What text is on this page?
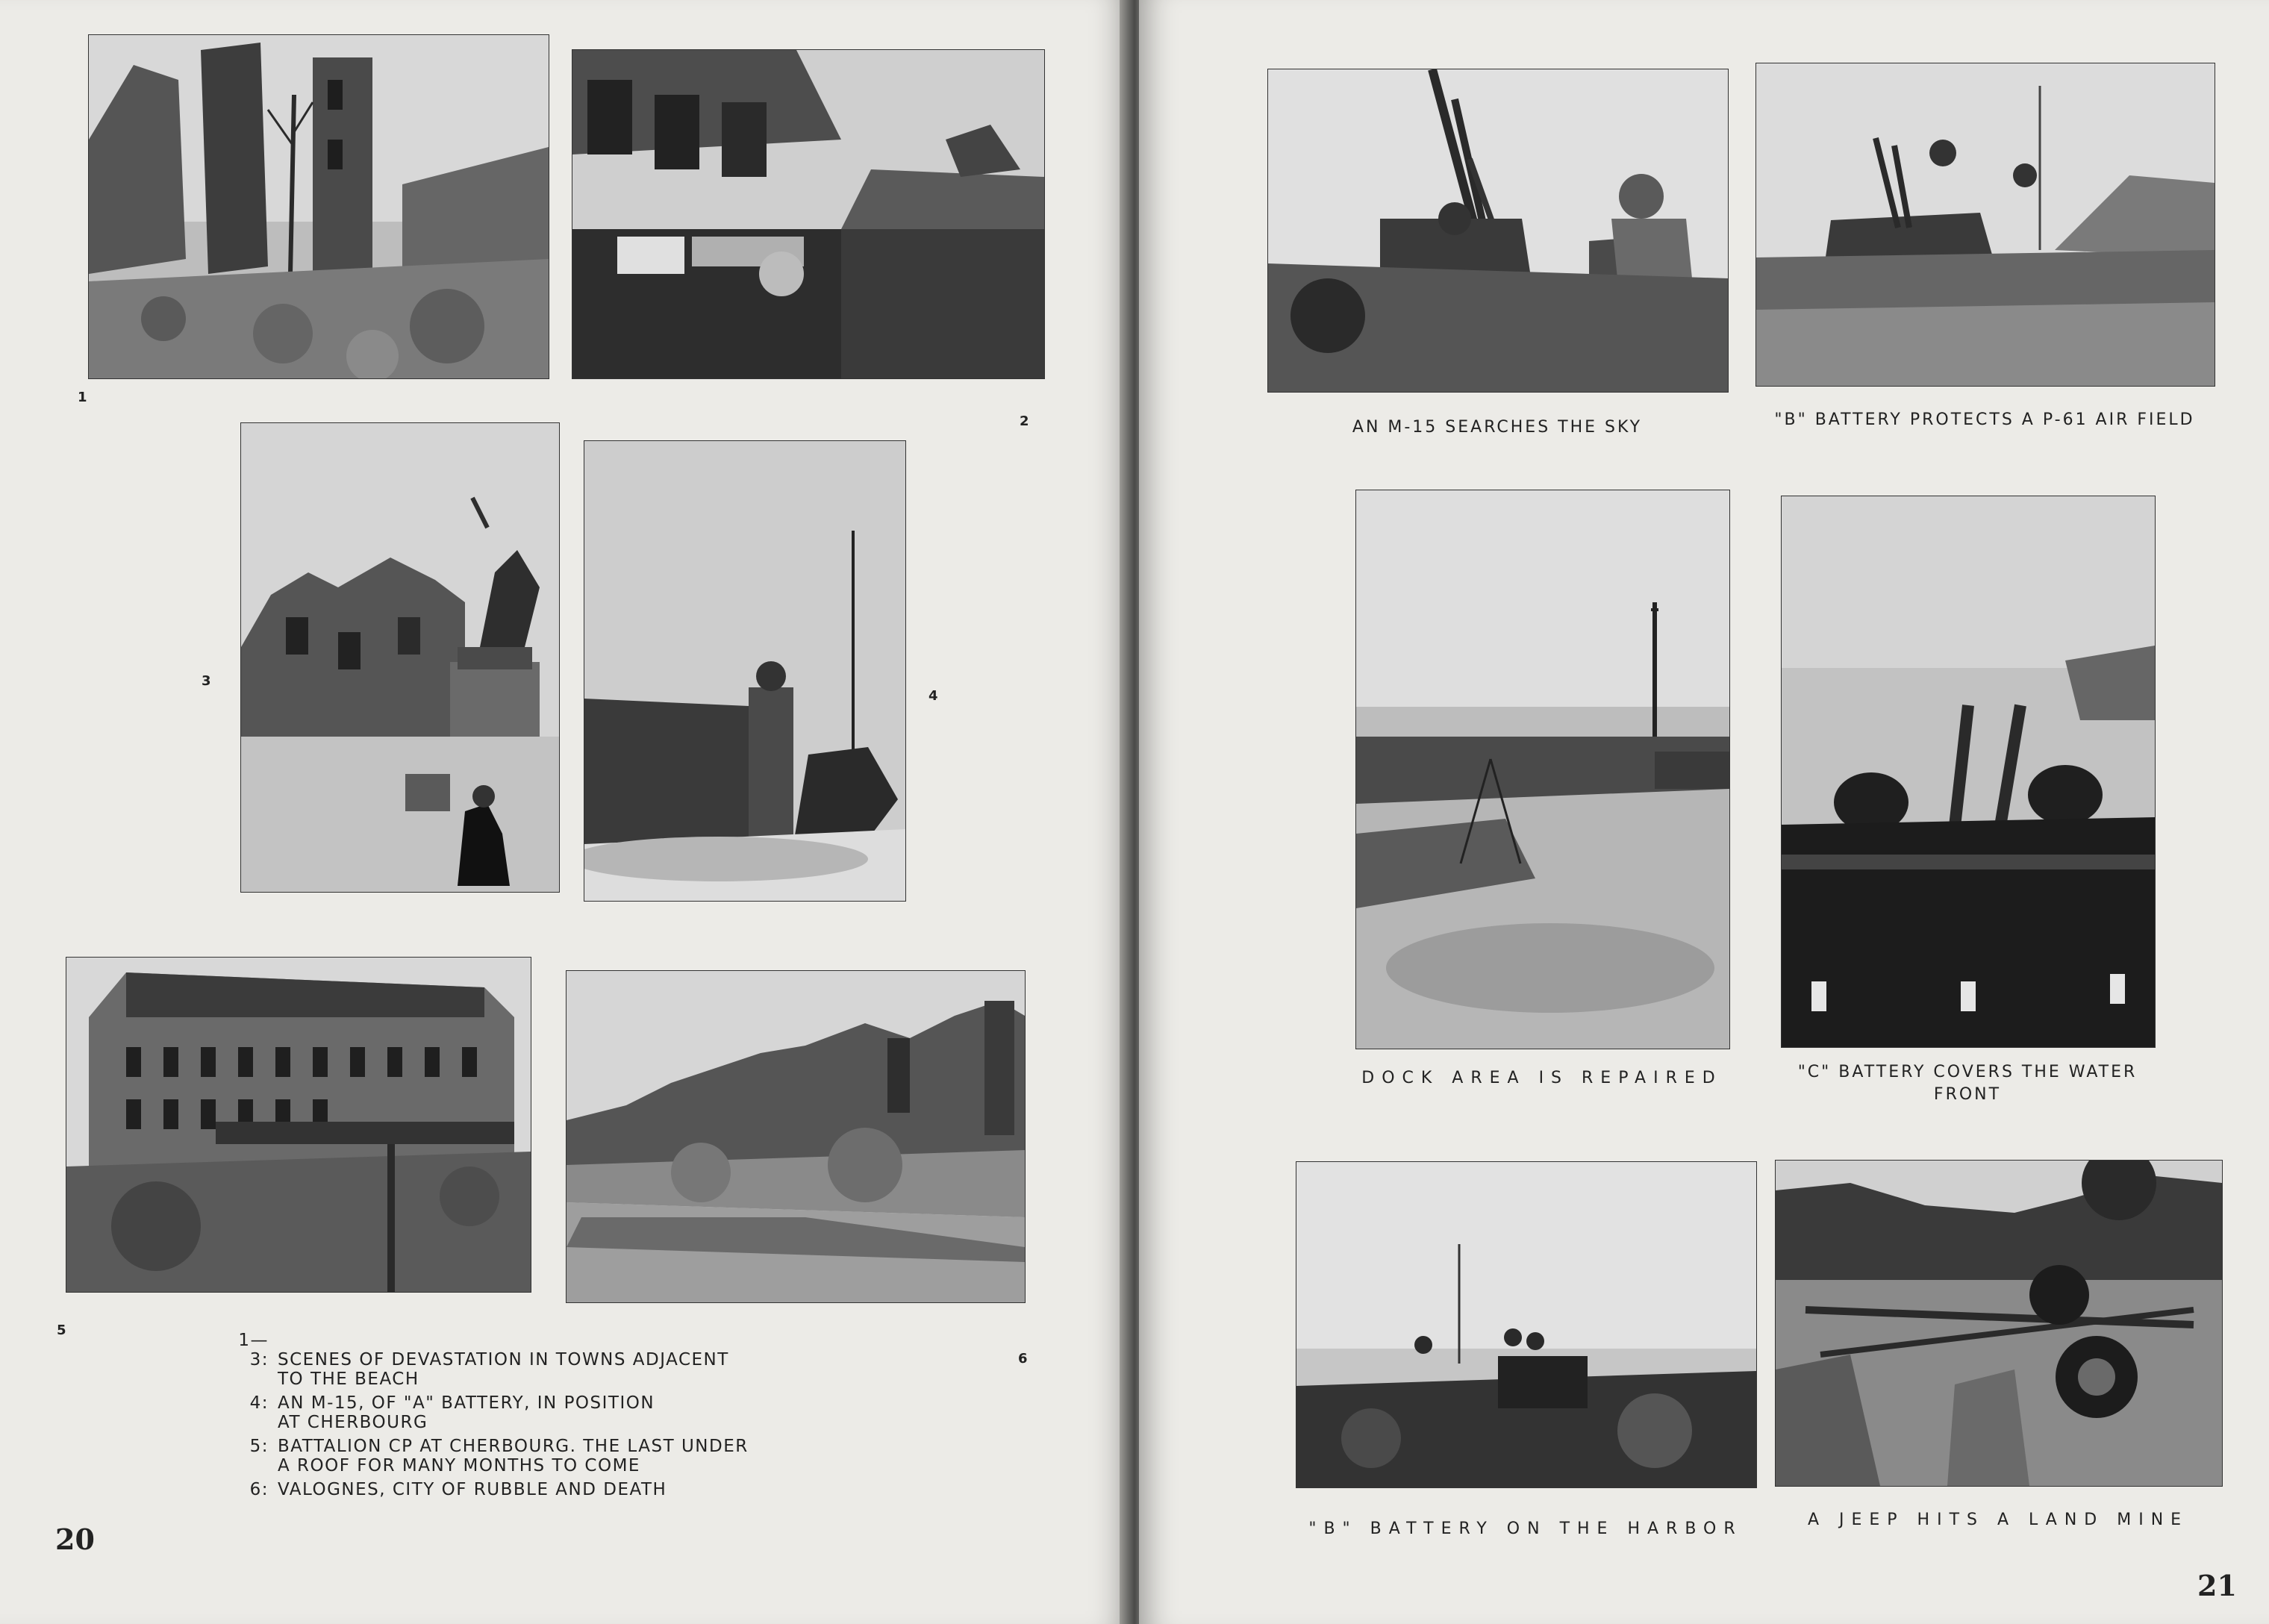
1
2
3
4
5
6
1—3: SCENES OF DEVASTATION IN TOWNS ADJACENT
TO THE BEACH
4: AN M-15, OF "A" BATTERY, IN POSITION
AT CHERBOURG
5: BATTALION CP AT CHERBOURG. THE LAST UNDER
A ROOF FOR MANY MONTHS TO COME
6: VALOGNES, CITY OF RUBBLE AND DEATH
20
AN M-15 SEARCHES THE SKY	"B" BATTERY PROTECTS A P-61 AIR FIELD
DOCK AREA IS REPAIRED	"C" BATTERY COVERS THE WATER
FRONT
"B" BATTERY ON THE HARBOR	A JEEP HITS A LAND MINE
21
